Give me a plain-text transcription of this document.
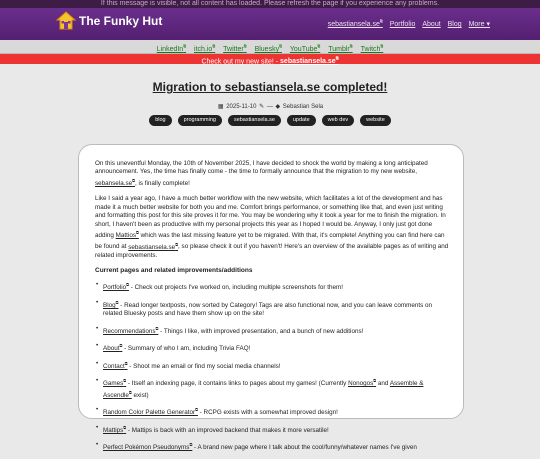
If this message is visible, not all content has loaded. Please refresh the page if you experience any problems.
The Funky Hut	sebastiansela.se⧉ Portfolio About Blog More ▾
LinkedIn⧉ itch.io⧉ Twitter⧉ Bluesky⧉ YouTube⧉ Tumblr⧉ Twitch⧉
Check out my new site! - sebastiansela.se⧉
Migration to sebastiansela.se completed!
▦ 2025-11-10 ✎ — ◆ Sebastian Sela
blog	programming	sebastiansela.se	update	web dev	website

On this uneventful Monday, the 10th of November 2025, I have decided to shock the world by making a long anticipated announcement. Yes, the time has finally come - the time to formally announce that the migration to my new website, sebansela.se⧉, is finally complete!

Like I said a year ago, I have a much better workflow with the new website, which facilitates a lot of the development and has made it a much better website for both you and me. Comfort brings performance, or something like that, and even just writing and formatting this post for this site proves it for me. You may be wondering why it took a year for me to finish the migration. In short, I haven't been as productive with my personal projects this year as I hoped I would be. Anyway, I only just got done adding Mattios⧉ which was the last missing feature yet to be migrated. With that, it's complete! Anything you can find here can be found at sebastiansela.se⧉, so please check it out if you haven't! Here's an overview of the available pages as of writing and related improvements.

Current pages and related improvements/additions
• Portfolio⧉ - Check out projects I've worked on, including multiple screenshots for them!
• Blog⧉ - Read longer textposts, now sorted by Category! Tags are also functional now, and you can leave comments on related Bluesky posts and have them show up on the site!
• Recommendations⧉ - Things I like, with improved presentation, and a bunch of new additions!
• About⧉ - Summary of who I am, including Trivia FAQ!
• Contact⧉ - Shoot me an email or find my social media channels!
• Games⧉ - Itself an indexing page, it contains links to pages about my games! (Currently Nonogos⧉ and Assemble & Ascendle⧉ exist)
• Random Color Palette Generator⧉ - RCPG exists with a somewhat improved design!
• Mattips⧉ - Mattips is back with an improved backend that makes it more versatile!
• Perfect Pokémon Pseudonyms⧉ - A brand new page where I talk about the cool/funny/whatever names I've given
